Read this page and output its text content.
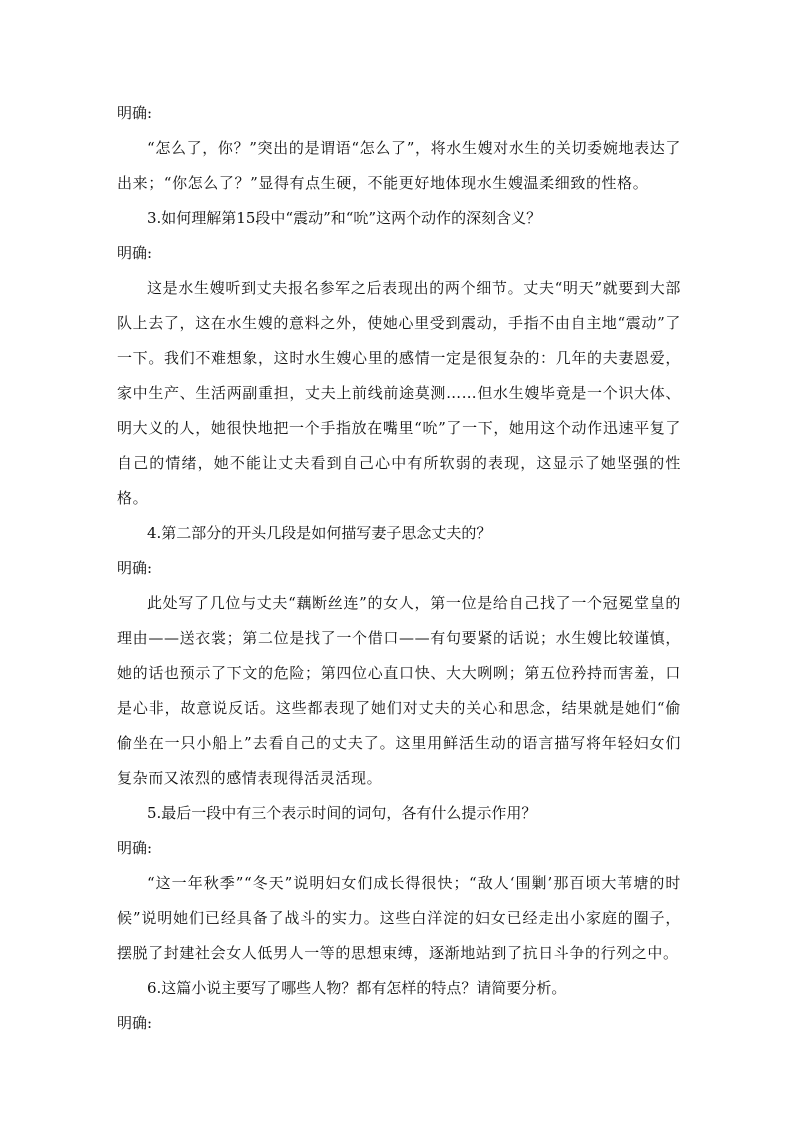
明确:

“怎么了，你？”突出的是谓语“怎么了”，将水生嫂对水生的关切委婉地表达了出来；“你怎么了？”显得有点生硬，不能更好地体现水生嫂温柔细致的性格。

3.如何理解第15段中“震动”和“吮”这两个动作的深刻含义？

明确:

这是水生嫂听到丈夫报名参军之后表现出的两个细节。丈夫“明天”就要到大部队上去了，这在水生嫂的意料之外，使她心里受到震动，手指不由自主地“震动”了一下。我们不难想象，这时水生嫂心里的感情一定是很复杂的：几年的夫妻恩爱，家中生产、生活两副重担，丈夫上前线前途莫测……但水生嫂毕竟是一个识大体、明大义的人，她很快地把一个手指放在嘴里“吮”了一下，她用这个动作迅速平复了自己的情绪，她不能让丈夫看到自己心中有所软弱的表现，这显示了她坚强的性格。

4.第二部分的开头几段是如何描写妻子思念丈夫的？

明确:

此处写了几位与丈夫“藕断丝连”的女人，第一位是给自己找了一个冠冕堂皇的理由——送衣裳；第二位是找了一个借口——有句要紧的话说；水生嫂比较谨慎，她的话也预示了下文的危险；第四位心直口快、大大咧咧；第五位矜持而害羞，口是心非，故意说反话。这些都表现了她们对丈夫的关心和思念，结果就是她们“偷偷坐在一只小船上”去看自己的丈夫了。这里用鲜活生动的语言描写将年轻妇女们复杂而又浓烈的感情表现得活灵活现。

5.最后一段中有三个表示时间的词句，各有什么提示作用？

明确:

“这一年秋季”“冬天”说明妇女们成长得很快；“敌人‘围剿’那百顷大苇塘的时候”说明她们已经具备了战斗的实力。这些白洋淀的妇女已经走出小家庭的圈子，摆脱了封建社会女人低男人一等的思想束缚，逐渐地站到了抗日斗争的行列之中。

6.这篇小说主要写了哪些人物？都有怎样的特点？请简要分析。

明确:
